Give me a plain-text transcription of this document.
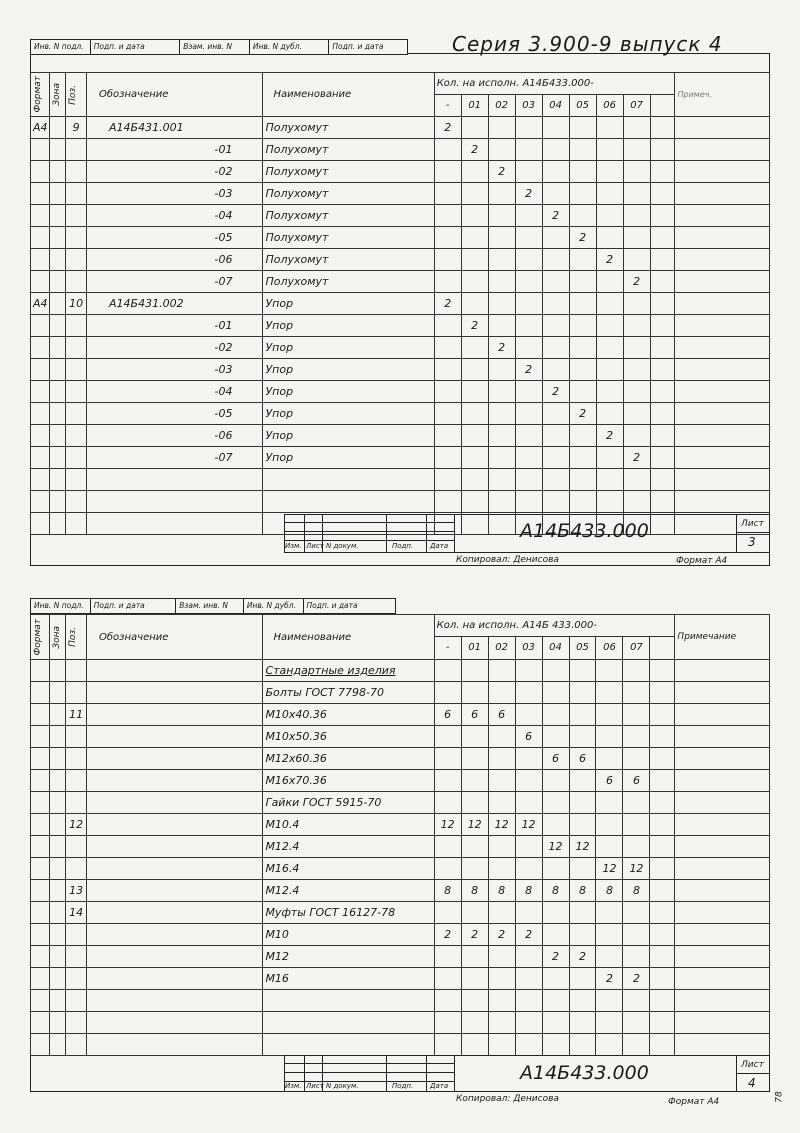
Инв. N подл.	Подп. и дата	Взам. инв. N	Инв. N дубл.	Подп. и дата	Серия 3.900-9 выпуск 4
Формат	Зона	Поз.	Обозначение	Наименование	Кол. на исполн. А14Б433.000-									Примеч.
					-	01	02	03	04	05	06	07		
А4		9	А14Б431.001	Полухомут	2									
			-01	Полухомут		2								
			-02	Полухомут			2							
			-03	Полухомут				2						
			-04	Полухомут					2					
			-05	Полухомут						2				
			-06	Полухомут							2			
			-07	Полухомут								2		
А4		10	А14Б431.002	Упор	2									
			-01	Упор		2								
			-02	Упор			2							
			-03	Упор				2						
			-04	Упор					2					
			-05	Упор						2				
			-06	Упор							2			
			-07	Упор								2		

Изм. Лист N докум.	Подп. Дата
А14Б433.000	Лист
3
Копировал: Денисова	Формат А4
Инв. N подл.	Подп. и дата	Взам. инв. N	Инв. N дубл.	Подп. и дата
Формат	Зона	Поз.	Обозначение	Наименование	Кол. на исполн. А14Б 433.000-									Примечание
					-	01	02	03	04	05	06	07		
				Стандартные изделия										
				Болты ГОСТ 7798-70										
		11		М10х40.36	6	6	6							
				М10х50.36				6						
				М12х60.36					6	6				
				М16х70.36							6	6		
				Гайки ГОСТ 5915-70										
		12		М10.4	12	12	12	12						
				М12.4					12	12				
				М16.4							12	12		
		13		М12.4	8	8	8	8	8	8	8	8		
		14		Муфты ГОСТ 16127-78										
				М10	2	2	2	2						
				М12					2	2				
				М16							2	2		

Изм. Лист N докум.	Подп. Дата
А14Б433.000	Лист
4
78
Копировал: Денисова	Формат А4
